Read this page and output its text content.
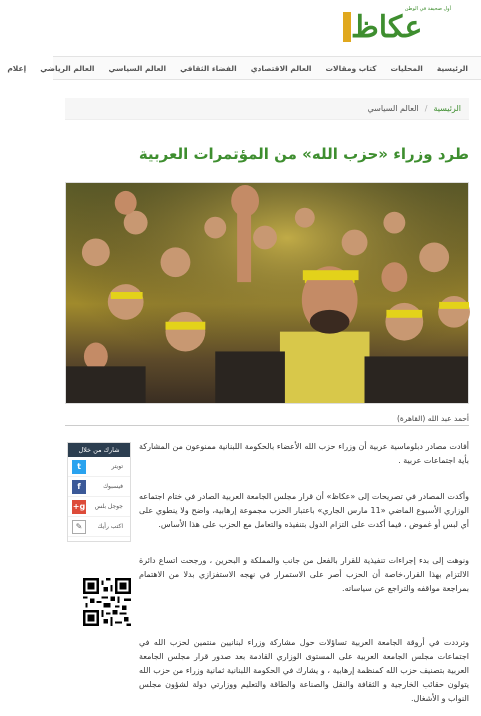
عكاظ
أول صحيفة في الوطن
الرئيسية
المحليات
كتاب ومقالات
العالم الاقتصادي
الفضاء الثقافي
العالم السياسي
العالم الرياضي
إعلام
الرئيسية
/
العالم السياسي
طرد وزراء «حزب الله» من المؤتمرات العربية
أحمد عبد الله (القاهرة)
شارك من خلال
تويتر
t
فيسبوك
f
جوجل بلس
g+
اكتب رأيك
✎

أفادت مصادر دبلوماسية عربية أن وزراء حزب الله الأعضاء بالحكومة اللبنانية ممنوعون من المشاركة بأية اجتماعات عربية .

وأكدت المصادر في تصريحات إلى «عكاظ» أن قرار مجلس الجامعة العربية الصادر في ختام اجتماعه الوزاري الأسبوع الماضي «11 مارس الجاري» باعتبار الحزب مجموعة إرهابية، واضح ولا ينطوي على أي لبس أو غموض ، فيما أكدت على التزام الدول بتنفيذه والتعامل مع الحزب على هذا الأساس.

ونوهت إلى بدء إجراءات تنفيذية للقرار بالفعل من جانب والمملكة و البحرين ، ورجحت اتساع دائرة الالتزام بهذا القرار،خاصة أن الحزب أصر على الاستمرار في نهجه الاستفزازي بدلا من الاهتمام بمراجعة مواقفه والتراجع عن سياساته.

وترددت في أروقة الجامعة العربية تساؤلات حول مشاركة وزراء لبنانيين منتمين لحزب الله في اجتماعات مجلس الجامعة العربية على المستوى الوزاري القادمة بعد صدور قرار مجلس الجامعة العربية بتصنيف حزب الله كمنظمة إرهابية ، و يشارك في الحكومة اللبنانية ثمانية وزراء من حزب الله يتولون حقائب الخارجية و الثقافة والنقل والصناعة والطاقة والتعليم ووزارتي دولة لشؤون مجلس النواب و الأشغال.
